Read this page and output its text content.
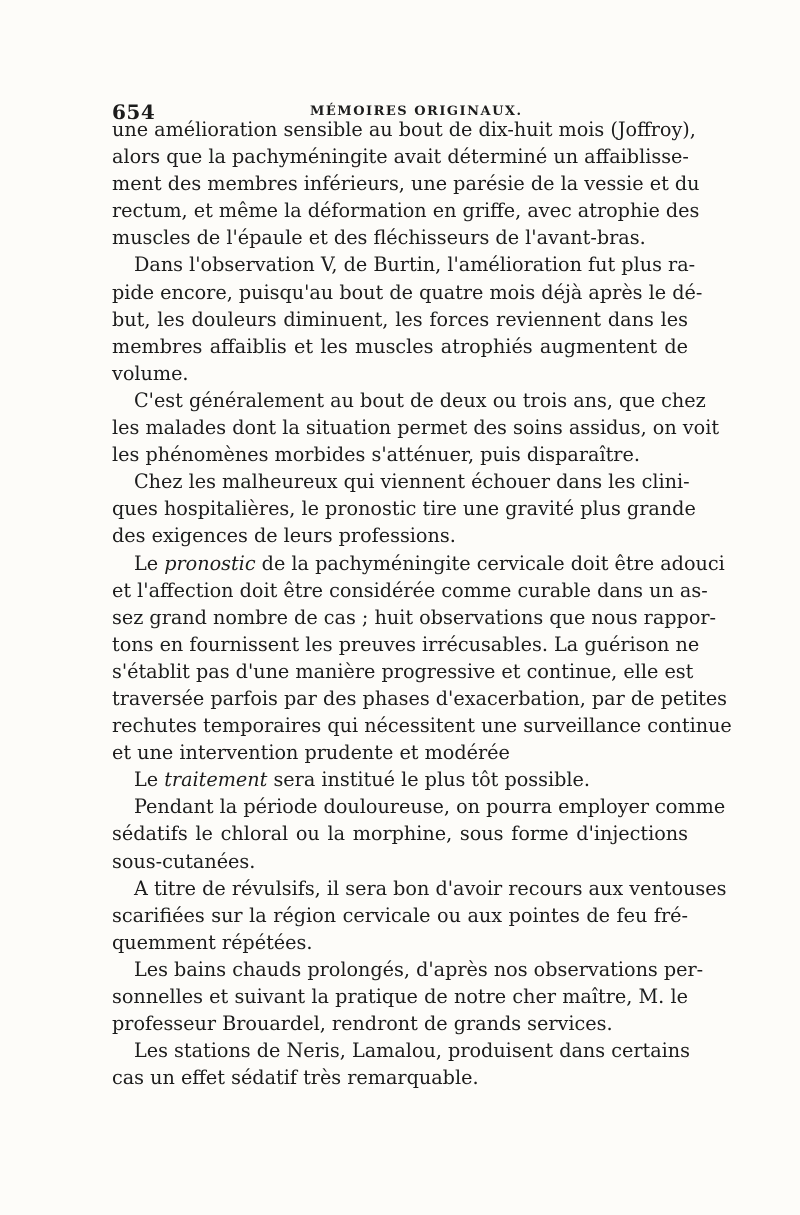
654	MÉMOIRES ORIGINAUX.
une amélioration sensible au bout de dix-huit mois (Joffroy),
alors que la pachyméningite avait déterminé un affaiblisse-
ment des membres inférieurs, une parésie de la vessie et du
rectum, et même la déformation en griffe, avec atrophie des
muscles de l'épaule et des fléchisseurs de l'avant-bras.
Dans l'observation V, de Burtin, l'amélioration fut plus ra-
pide encore, puisqu'au bout de quatre mois déjà après le dé-
but, les douleurs diminuent, les forces reviennent dans les
membres affaiblis et les muscles atrophiés augmentent de
volume.
C'est généralement au bout de deux ou trois ans, que chez
les malades dont la situation permet des soins assidus, on voit
les phénomènes morbides s'atténuer, puis disparaître.
Chez les malheureux qui viennent échouer dans les clini-
ques hospitalières, le pronostic tire une gravité plus grande
des exigences de leurs professions.
Le pronostic de la pachyméningite cervicale doit être adouci
et l'affection doit être considérée comme curable dans un as-
sez grand nombre de cas ; huit observations que nous rappor-
tons en fournissent les preuves irrécusables. La guérison ne
s'établit pas d'une manière progressive et continue, elle est
traversée parfois par des phases d'exacerbation, par de petites
rechutes temporaires qui nécessitent une surveillance continue
et une intervention prudente et modérée
Le traitement sera institué le plus tôt possible.
Pendant la période douloureuse, on pourra employer comme
sédatifs le chloral ou la morphine, sous forme d'injections
sous-cutanées.
A titre de révulsifs, il sera bon d'avoir recours aux ventouses
scarifiées sur la région cervicale ou aux pointes de feu fré-
quemment répétées.
Les bains chauds prolongés, d'après nos observations per-
sonnelles et suivant la pratique de notre cher maître, M. le
professeur Brouardel, rendront de grands services.
Les stations de Neris, Lamalou, produisent dans certains
cas un effet sédatif très remarquable.
